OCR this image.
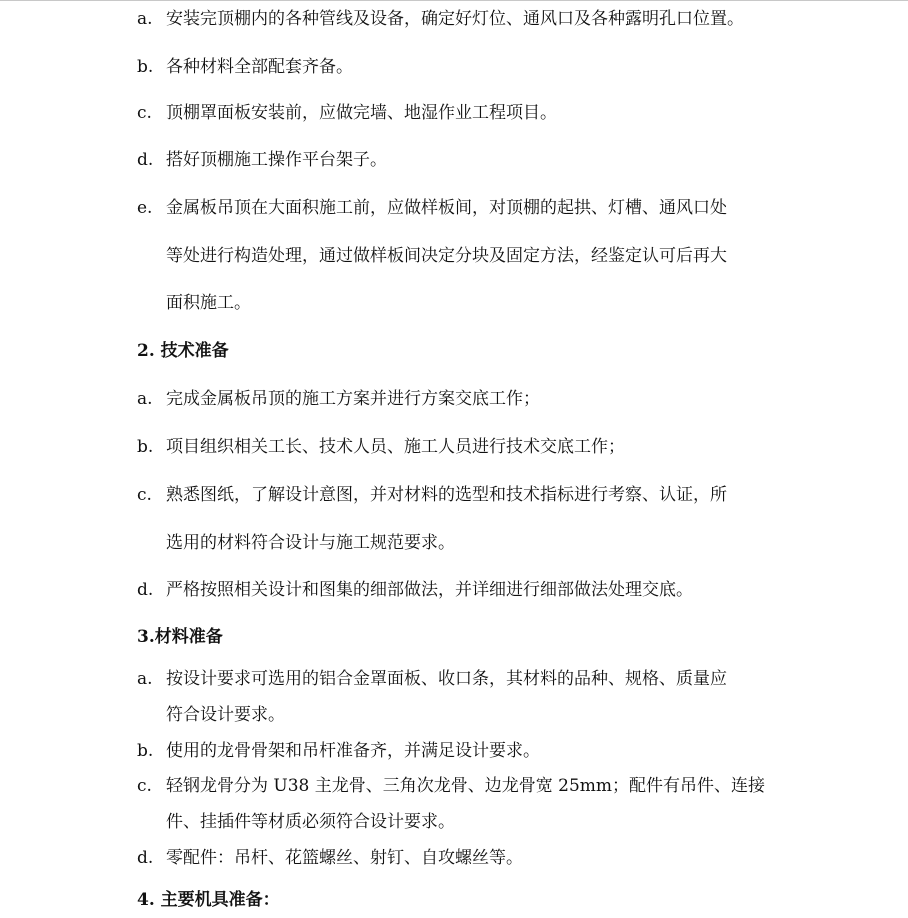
a. 安装完顶棚内的各种管线及设备，确定好灯位、通风口及各种露明孔口位置。
b. 各种材料全部配套齐备。
c. 顶棚罩面板安装前，应做完墙、地湿作业工程项目。
d. 搭好顶棚施工操作平台架子。
e. 金属板吊顶在大面积施工前，应做样板间，对顶棚的起拱、灯槽、通风口处
等处进行构造处理，通过做样板间决定分块及固定方法，经鉴定认可后再大
面积施工。
2. 技术准备
a. 完成金属板吊顶的施工方案并进行方案交底工作；
b. 项目组织相关工长、技术人员、施工人员进行技术交底工作；
c. 熟悉图纸，了解设计意图，并对材料的选型和技术指标进行考察、认证，所
选用的材料符合设计与施工规范要求。
d. 严格按照相关设计和图集的细部做法，并详细进行细部做法处理交底。
3.材料准备
a. 按设计要求可选用的铝合金罩面板、收口条，其材料的品种、规格、质量应
符合设计要求。
b. 使用的龙骨骨架和吊杆准备齐，并满足设计要求。
c. 轻钢龙骨分为 U38 主龙骨、三角次龙骨、边龙骨宽 25mm；配件有吊件、连接
件、挂插件等材质必须符合设计要求。
d. 零配件：吊杆、花篮螺丝、射钉、自攻螺丝等。
4. 主要机具准备：
